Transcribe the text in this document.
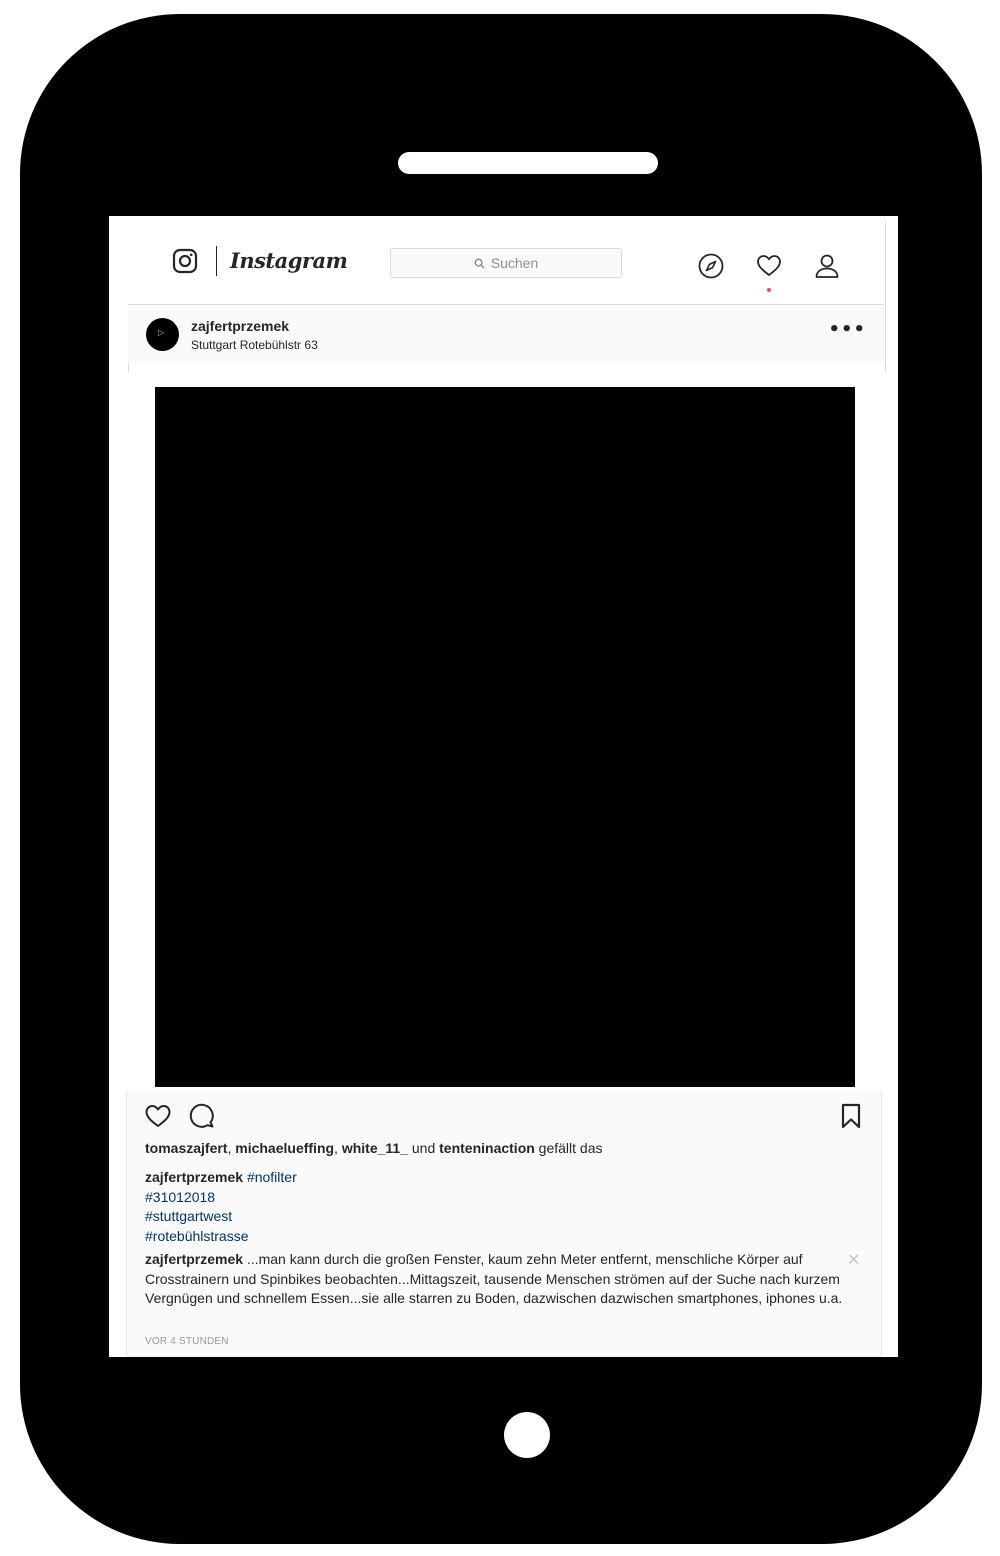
Instagram	Suchen
▷ zajfertprzemek
Stuttgart Rotebühlstr 63
•••
tomaszajfert, michaelueffing, white_11_ und tenteninaction gefällt das
zajfertprzemek #nofilter
#31012018
#stuttgartwest
#rotebühlstrasse
zajfertprzemek ...man kann durch die großen Fenster, kaum zehn Meter entfernt, menschliche Körper auf Crosstrainern und Spinbikes beobachten...Mittagszeit, tausende Menschen strömen auf der Suche nach kurzem Vergnügen und schnellem Essen...sie alle starren zu Boden, dazwischen dazwischen smartphones, iphones u.a.
✕
VOR 4 STUNDEN
